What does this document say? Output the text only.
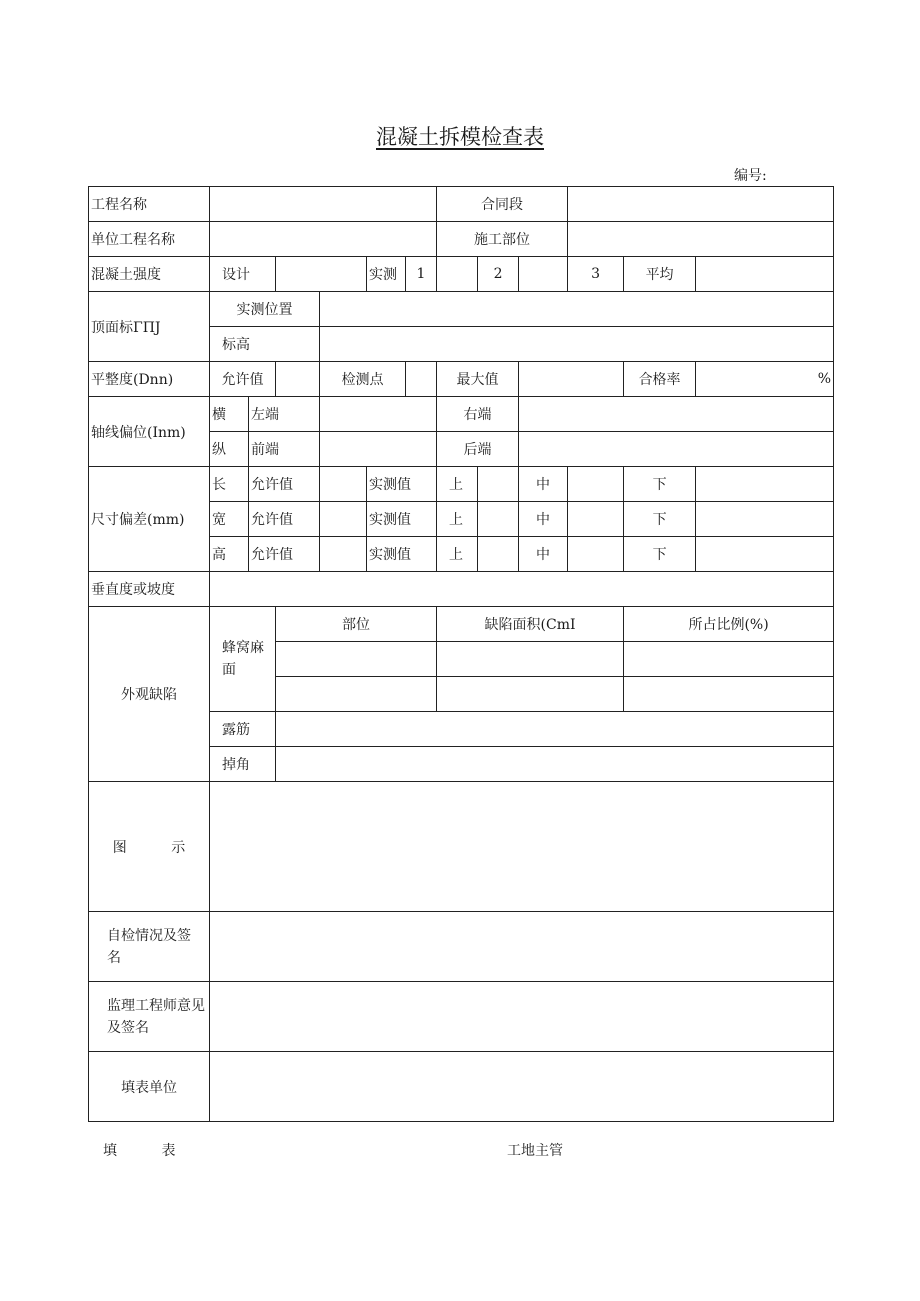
混凝土拆模检查表
编号:
工程名称							合同段					
单位工程名称							施工部位					
混凝土强度	设计				实测	1		2		3	平均	
顶面标ΓΠJ	实测位置											
	标高											
平整度(Dnn)	允许值			检测点			最大值				合格率	%
轴线偏位(Inm)	横	左端					右端					
	纵	前端					后端					
尺寸偏差(mm)	长	允许值			实测值		上		中		下	
	宽	允许值			实测值		上		中		下	
	高	允许值			实测值		上		中		下	
垂直度或坡度												
外观缺陷	蜂窝麻面		部位				缺陷面积(CmI				所占比例(%)	

	露筋											
	掉角											
图          示												
自检情况及签 名												
监理工程师意见及签名												
填表单位												
填          表	工地主管
